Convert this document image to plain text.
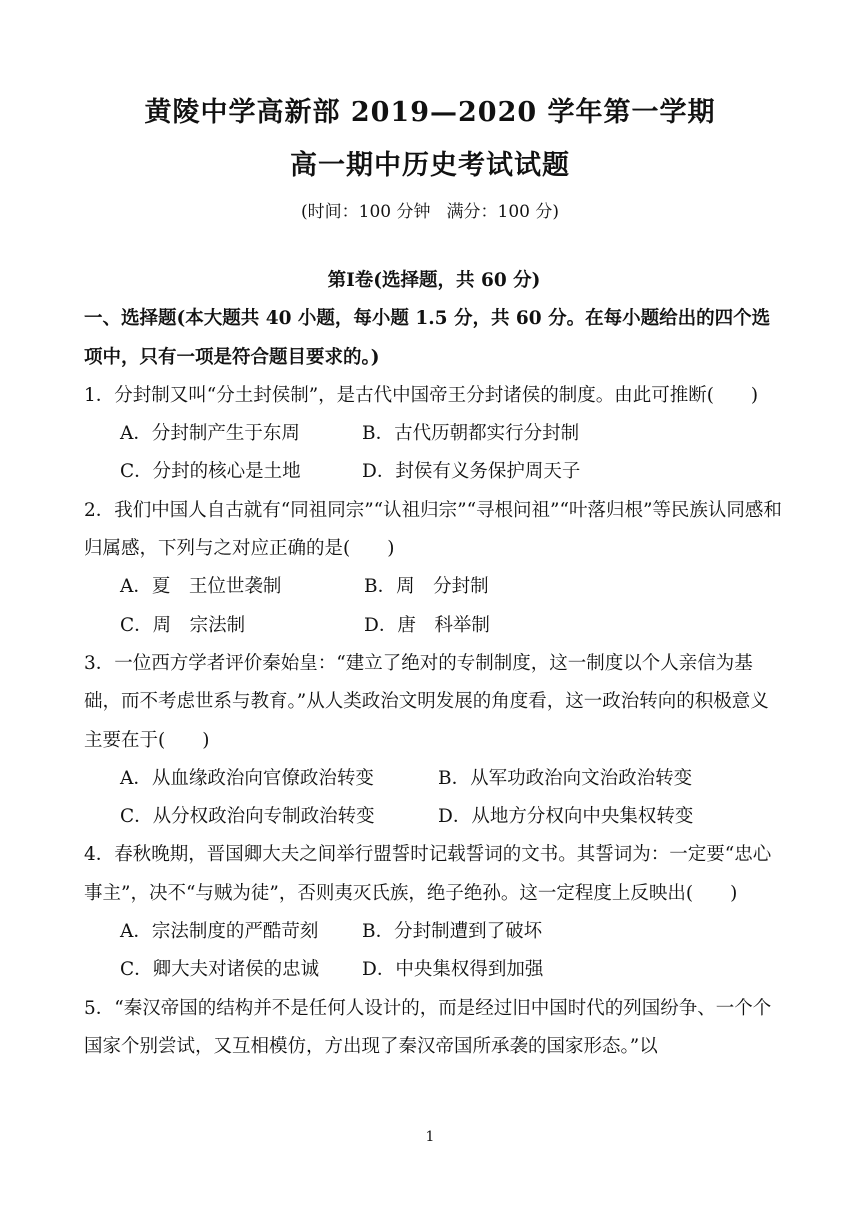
黄陵中学高新部 2019—2020 学年第一学期
高一期中历史考试试题
(时间：100 分钟 满分：100 分)
第Ⅰ卷(选择题，共 60 分)
一、选择题(本大题共 40 小题，每小题 1.5 分，共 60 分。在每小题给出的四个选项中，只有一项是符合题目要求的。)
1．分封制又叫“分土封侯制”，是古代中国帝王分封诸侯的制度。由此可推断(　　)
A．分封制产生于东周	B．古代历朝都实行分封制
C．分封的核心是土地	D．封侯有义务保护周天子
2．我们中国人自古就有“同祖同宗”“认祖归宗”“寻根问祖”“叶落归根”等民族认同感和归属感，下列与之对应正确的是(　　)
A．夏　王位世袭制	B．周　分封制
C．周　宗法制	D．唐　科举制
3．一位西方学者评价秦始皇：“建立了绝对的专制制度，这一制度以个人亲信为基础，而不考虑世系与教育。”从人类政治文明发展的角度看，这一政治转向的积极意义主要在于(　　)
A．从血缘政治向官僚政治转变	B．从军功政治向文治政治转变
C．从分权政治向专制政治转变	D．从地方分权向中央集权转变
4．春秋晚期，晋国卿大夫之间举行盟誓时记载誓词的文书。其誓词为：一定要“忠心事主”，决不“与贼为徒”，否则夷灭氏族，绝子绝孙。这一定程度上反映出(　　)
A．宗法制度的严酷苛刻	B．分封制遭到了破坏
C．卿大夫对诸侯的忠诚	D．中央集权得到加强
5．“秦汉帝国的结构并不是任何人设计的，而是经过旧中国时代的列国纷争、一个个国家个别尝试，又互相模仿，方出现了秦汉帝国所承袭的国家形态。”以
1
